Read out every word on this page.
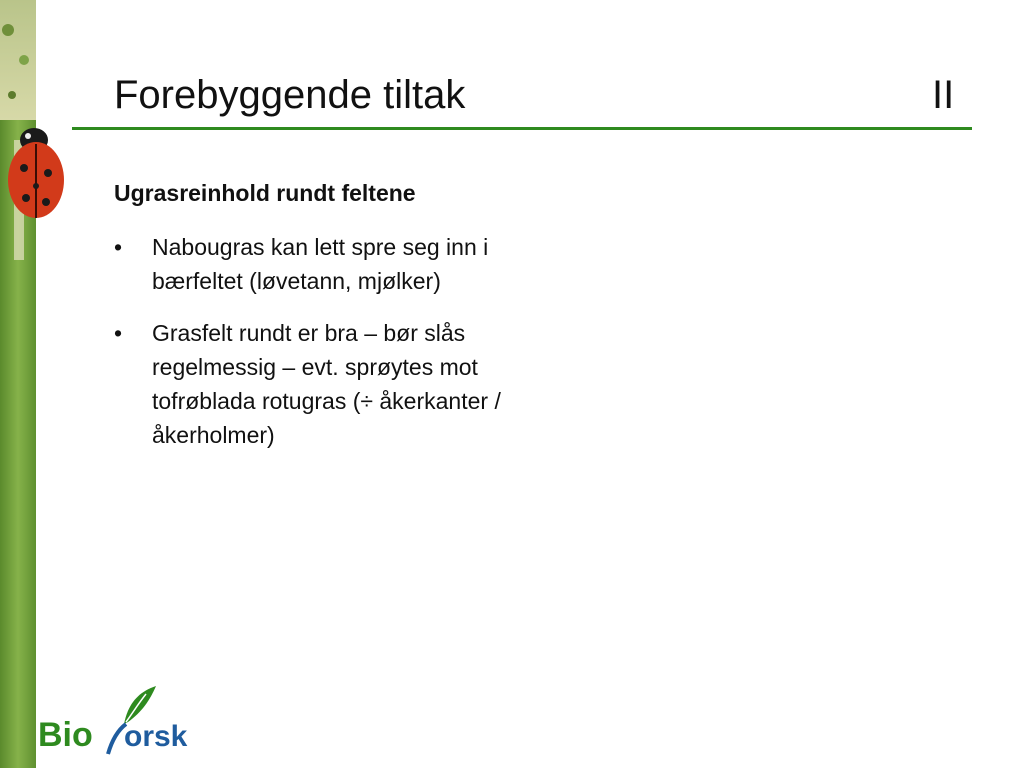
Forebyggende tiltak	II
Ugrasreinhold rundt feltene
• Nabougras kan lett spre seg inn i bærfeltet (løvetann, mjølker)
• Grasfelt rundt er bra – bør slås regelmessig – evt. sprøytes mot tofrøblada rotugras (÷ åkerkanter / åkerholmer)
Bio orsk
